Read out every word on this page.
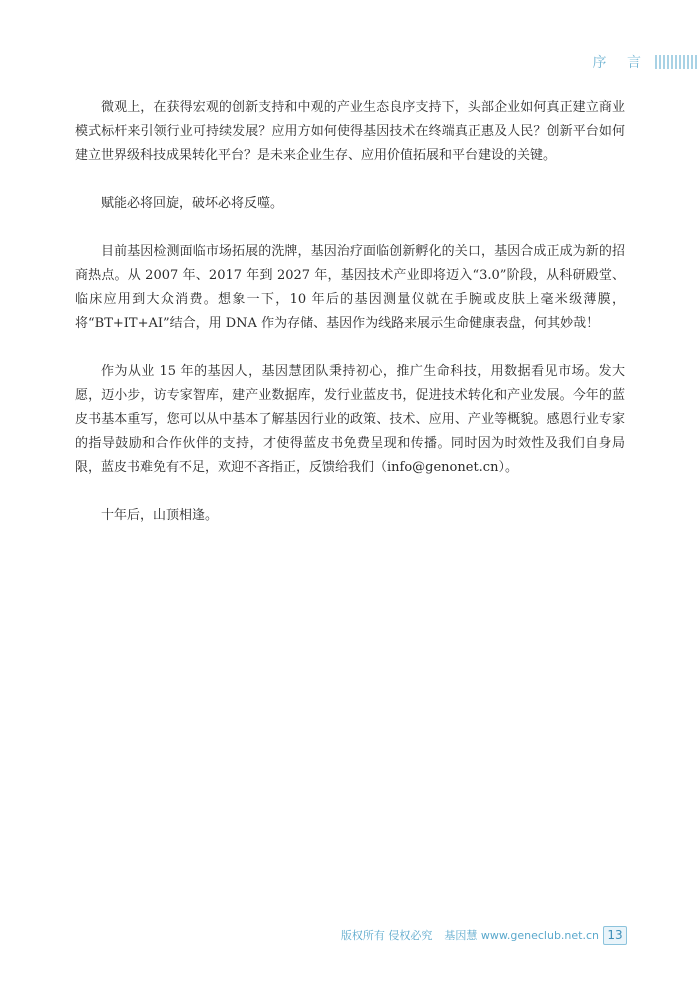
序 言

微观上，在获得宏观的创新支持和中观的产业生态良序支持下，头部企业如何真正建立商业模式标杆来引领行业可持续发展？应用方如何使得基因技术在终端真正惠及人民？创新平台如何建立世界级科技成果转化平台？是未来企业生存、应用价值拓展和平台建设的关键。

赋能必将回旋，破坏必将反噬。

目前基因检测面临市场拓展的洗牌，基因治疗面临创新孵化的关口，基因合成正成为新的招商热点。从 2007 年、2017 年到 2027 年，基因技术产业即将迈入“3.0”阶段，从科研殿堂、临床应用到大众消费。想象一下，10 年后的基因测量仪就在手腕或皮肤上毫米级薄膜，将“BT+IT+AI”结合，用 DNA 作为存储、基因作为线路来展示生命健康表盘，何其妙哉！

作为从业 15 年的基因人，基因慧团队秉持初心，推广生命科技，用数据看见市场。发大愿，迈小步，访专家智库，建产业数据库，发行业蓝皮书，促进技术转化和产业发展。今年的蓝皮书基本重写，您可以从中基本了解基因行业的政策、技术、应用、产业等概貌。感恩行业专家的指导鼓励和合作伙伴的支持，才使得蓝皮书免费呈现和传播。同时因为时效性及我们自身局限，蓝皮书难免有不足，欢迎不吝指正，反馈给我们（info@genonet.cn）。

十年后，山顶相逢。

版权所有 侵权必究 基因慧 www.geneclub.net.cn 13
